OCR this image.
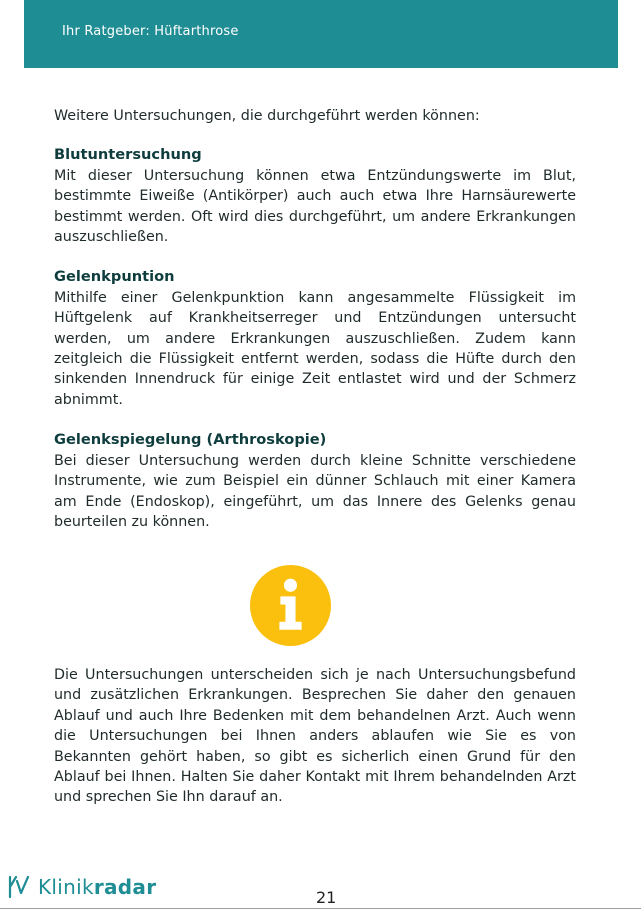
Ihr Ratgeber: Hüftarthrose

Weitere Untersuchungen, die durchgeführt werden können:

Blutuntersuchung

Mit dieser Untersuchung können etwa Entzündungswerte im Blut, bestimmte Eiweiße (Antikörper) auch auch etwa Ihre Harnsäurewerte bestimmt werden. Oft wird dies durchgeführt, um andere Erkrankungen auszuschließen.

Gelenkpuntion

Mithilfe einer Gelenkpunktion kann angesammelte Flüssigkeit im Hüftgelenk auf Krankheitserreger und Entzündungen untersucht werden, um andere Erkrankungen auszuschließen. Zudem kann zeitgleich die Flüssigkeit entfernt werden, sodass die Hüfte durch den sinkenden Innendruck für einige Zeit entlastet wird und der Schmerz abnimmt.

Gelenkspiegelung (Arthroskopie)

Bei dieser Untersuchung werden durch kleine Schnitte verschiedene Instrumente, wie zum Beispiel ein dünner Schlauch mit einer Kamera am Ende (Endoskop), eingeführt, um das Innere des Gelenks genau beurteilen zu können.

Die Untersuchungen unterscheiden sich je nach Untersuchungsbefund und zusätzlichen Erkrankungen. Besprechen Sie daher den genauen Ablauf und auch Ihre Bedenken mit dem behandelnen Arzt. Auch wenn die Untersuchungen bei Ihnen anders ablaufen wie Sie es von Bekannten gehört haben, so gibt es sicherlich einen Grund für den Ablauf bei Ihnen. Halten Sie daher Kontakt mit Ihrem behandelnden Arzt und sprechen Sie Ihn darauf an.

Klinikradar	21
